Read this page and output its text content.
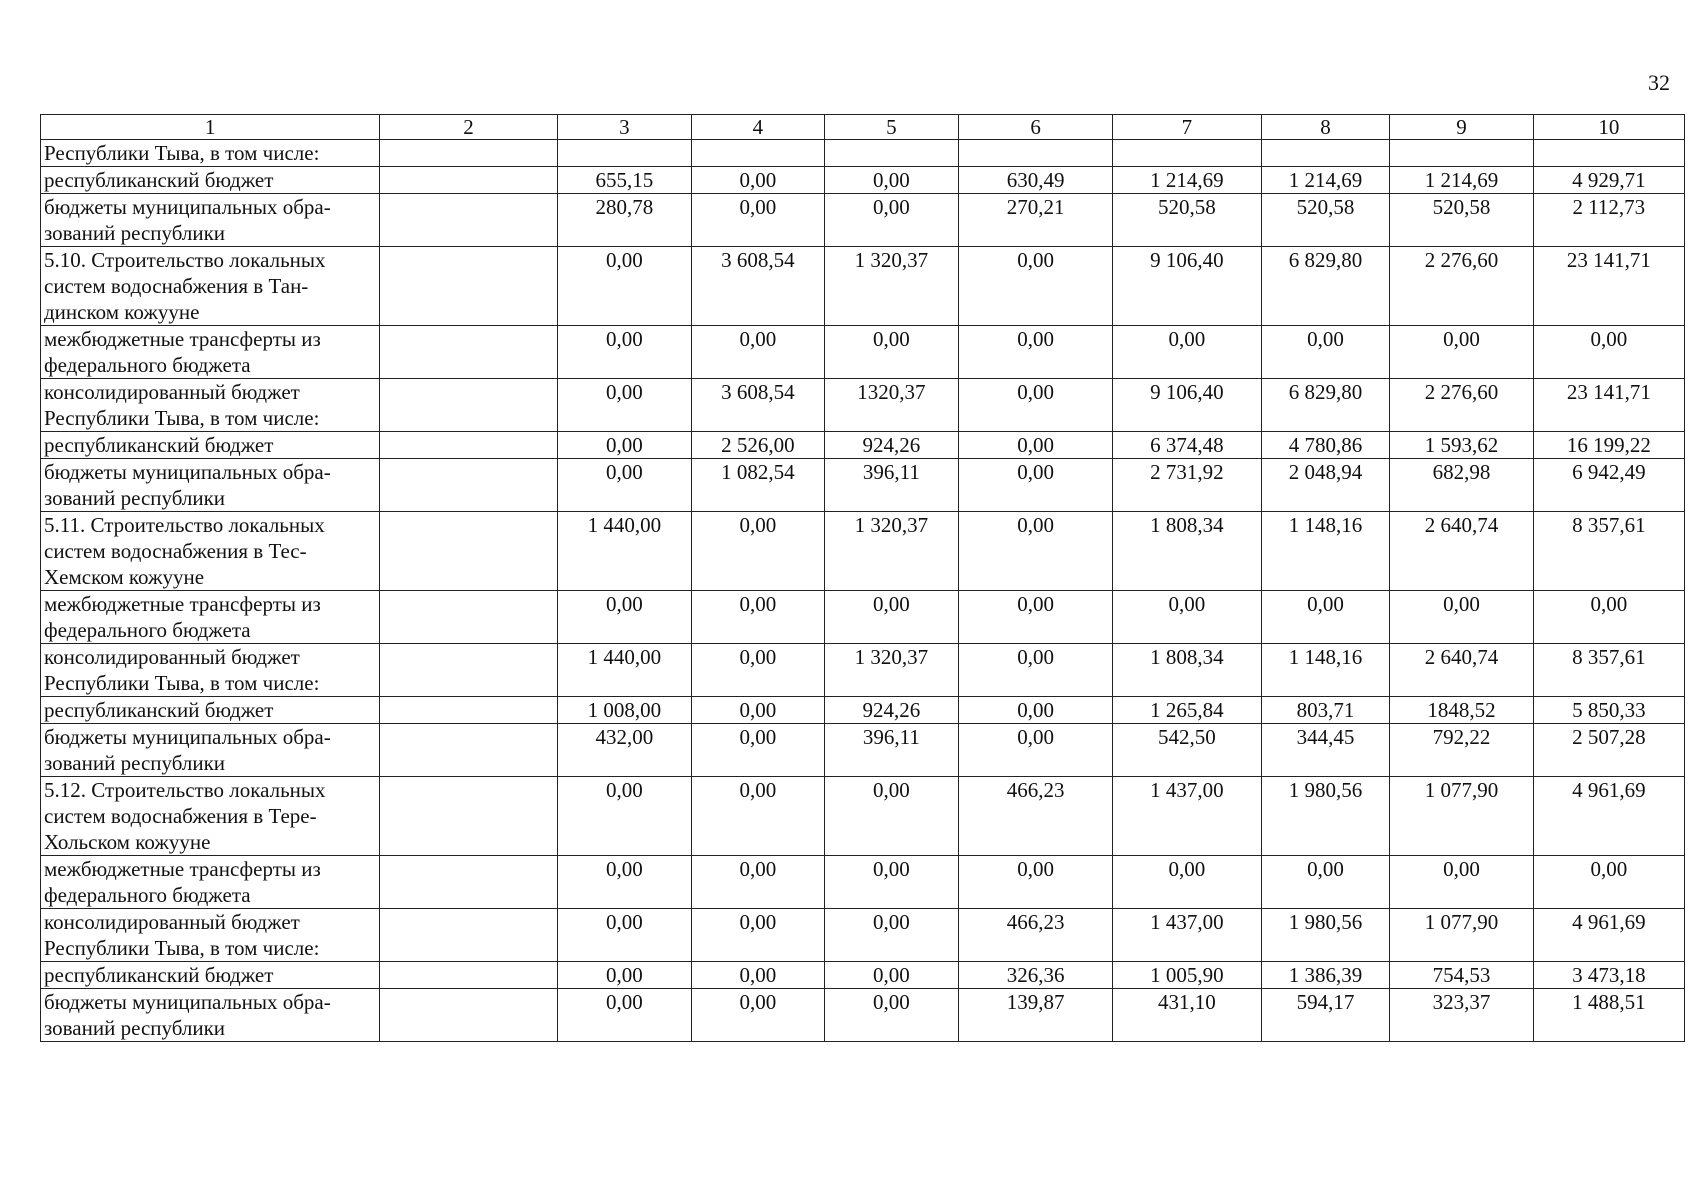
32
1	2	3	4	5	6	7	8	9	10

Республики Тыва, в том числе:									

республиканский бюджет		655,15	0,00	0,00	630,49	1 214,69	1 214,69	1 214,69	4 929,71

бюджеты муниципальных обра-
зований республики		280,78	0,00	0,00	270,21	520,58	520,58	520,58	2 112,73

5.10. Строительство локальных
систем водоснабжения в Тан-
динском кожууне		0,00	3 608,54	1 320,37	0,00	9 106,40	6 829,80	2 276,60	23 141,71

межбюджетные трансферты из
федерального бюджета		0,00	0,00	0,00	0,00	0,00	0,00	0,00	0,00

консолидированный бюджет
Республики Тыва, в том числе:		0,00	3 608,54	1320,37	0,00	9 106,40	6 829,80	2 276,60	23 141,71

республиканский бюджет		0,00	2 526,00	924,26	0,00	6 374,48	4 780,86	1 593,62	16 199,22

бюджеты муниципальных обра-
зований республики		0,00	1 082,54	396,11	0,00	2 731,92	2 048,94	682,98	6 942,49

5.11. Строительство локальных
систем водоснабжения в Тес-
Хемском кожууне		1 440,00	0,00	1 320,37	0,00	1 808,34	1 148,16	2 640,74	8 357,61

межбюджетные трансферты из
федерального бюджета		0,00	0,00	0,00	0,00	0,00	0,00	0,00	0,00

консолидированный бюджет
Республики Тыва, в том числе:		1 440,00	0,00	1 320,37	0,00	1 808,34	1 148,16	2 640,74	8 357,61

республиканский бюджет		1 008,00	0,00	924,26	0,00	1 265,84	803,71	1848,52	5 850,33

бюджеты муниципальных обра-
зований республики		432,00	0,00	396,11	0,00	542,50	344,45	792,22	2 507,28

5.12. Строительство локальных
систем водоснабжения в Тере-
Хольском кожууне		0,00	0,00	0,00	466,23	1 437,00	1 980,56	1 077,90	4 961,69

межбюджетные трансферты из
федерального бюджета		0,00	0,00	0,00	0,00	0,00	0,00	0,00	0,00

консолидированный бюджет
Республики Тыва, в том числе:		0,00	0,00	0,00	466,23	1 437,00	1 980,56	1 077,90	4 961,69

республиканский бюджет		0,00	0,00	0,00	326,36	1 005,90	1 386,39	754,53	3 473,18

бюджеты муниципальных обра-
зований республики		0,00	0,00	0,00	139,87	431,10	594,17	323,37	1 488,51
